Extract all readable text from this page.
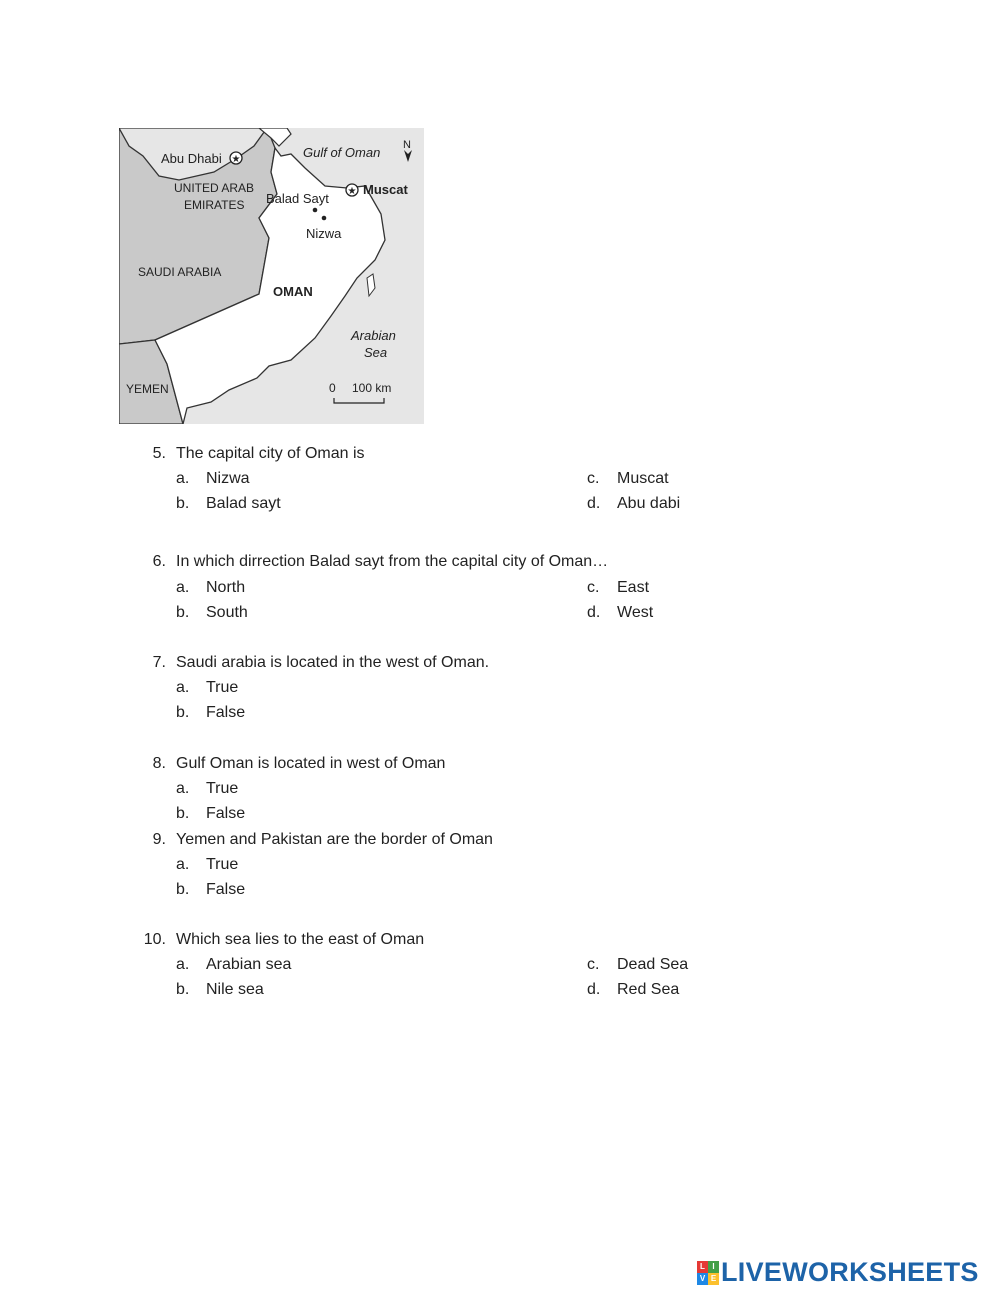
★
★
Abu Dhabi	Gulf of Oman N
UNITED ARAB
EMIRATES Balad Sayt
Muscat
Nizwa
SAUDI ARABIA
OMAN
Arabian
Sea
YEMEN	0 100 km
5. The capital city of Oman is
a. Nizwa
b. Balad sayt
c. Muscat
d. Abu dabi
6. In which dirrection Balad sayt from the capital city of Oman…
a. North
b. South
c. East
d. West
7. Saudi arabia is located in the west of Oman.
a. True
b. False
8. Gulf Oman is located in west of Oman
a. True
b. False
9. Yemen and Pakistan are the border of Oman
a. True
b. False
10. Which sea lies to the east of Oman
a. Arabian sea
b. Nile sea
c. Dead Sea
d. Red Sea
L I
V E LIVEWORKSHEETS
